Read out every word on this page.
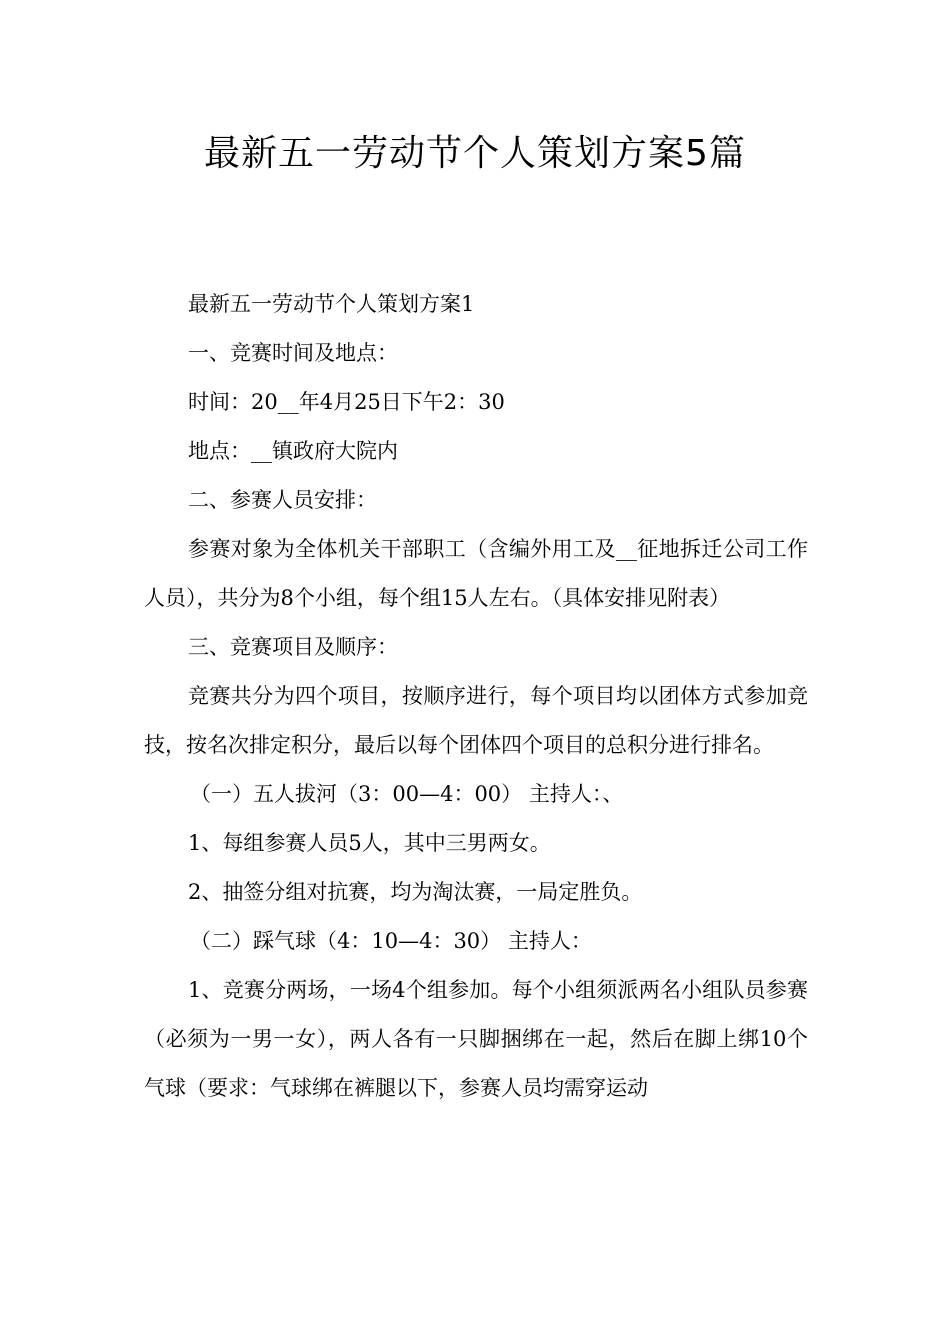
最新五一劳动节个人策划方案5篇

最新五一劳动节个人策划方案1

一、竞赛时间及地点：

时间：20__年4月25日下午2：30

地点：__镇政府大院内

二、参赛人员安排：

参赛对象为全体机关干部职工（含编外用工及__征地拆迁公司工作人员），共分为8个小组，每个组15人左右。（具体安排见附表）

三、竞赛项目及顺序：

竞赛共分为四个项目，按顺序进行，每个项目均以团体方式参加竞技，按名次排定积分，最后以每个团体四个项目的总积分进行排名。

（一）五人拔河（3：00—4：00） 主持人：、

1、每组参赛人员5人，其中三男两女。

2、抽签分组对抗赛，均为淘汰赛，一局定胜负。

（二）踩气球（4：10—4：30） 主持人：

1、竞赛分两场，一场4个组参加。每个小组须派两名小组队员参赛（必须为一男一女），两人各有一只脚捆绑在一起，然后在脚上绑10个气球（要求：气球绑在裤腿以下，参赛人员均需穿运动
